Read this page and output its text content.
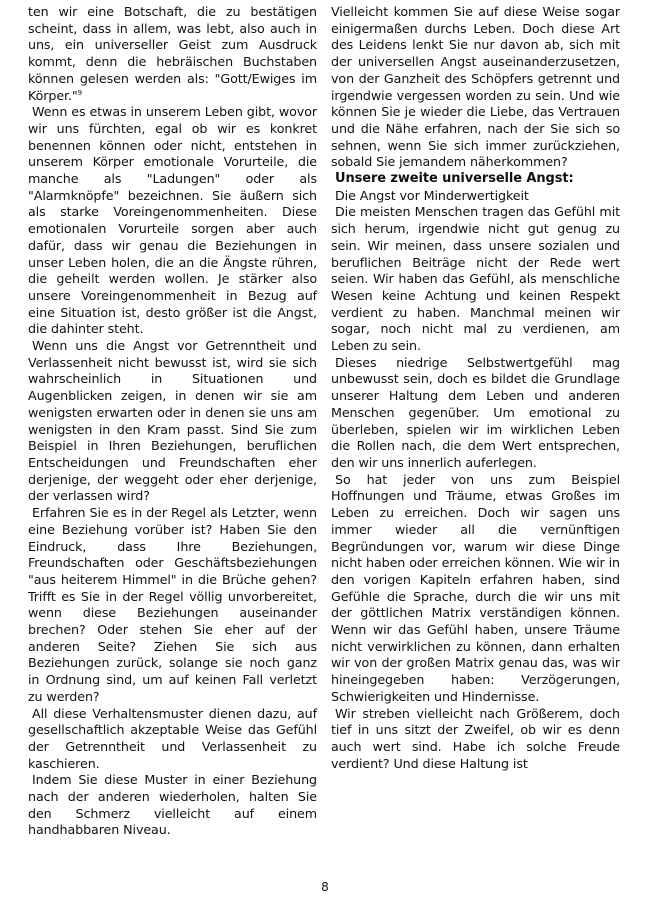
ten wir eine Botschaft, die zu bestätigen scheint, dass in allem, was lebt, also auch in uns, ein universeller Geist zum Ausdruck kommt, denn die hebräischen Buchstaben können gelesen werden als: "Gott/Ewiges im Körper."$^9$

Wenn es etwas in unserem Leben gibt, wovor wir uns fürchten, egal ob wir es konkret benennen können oder nicht, entstehen in unserem Körper emotionale Vorurteile, die manche als "Ladungen" oder als "Alarmknöpfe" bezeichnen. Sie äußern sich als starke Voreingenommenheiten. Diese emotionalen Vorurteile sorgen aber auch dafür, dass wir genau die Beziehungen in unser Leben holen, die an die Ängste rühren, die geheilt werden wollen. Je stärker also unsere Voreingenommenheit in Bezug auf eine Situation ist, desto größer ist die Angst, die dahinter steht.

Wenn uns die Angst vor Getrenntheit und Verlassenheit nicht bewusst ist, wird sie sich wahrscheinlich in Situationen und Augenblicken zeigen, in denen wir sie am wenigsten erwarten oder in denen sie uns am wenigsten in den Kram passt. Sind Sie zum Beispiel in Ihren Beziehungen, beruflichen Entscheidungen und Freundschaften eher derjenige, der weggeht oder eher derjenige, der verlassen wird?

Erfahren Sie es in der Regel als Letzter, wenn eine Beziehung vorüber ist? Haben Sie den Eindruck, dass Ihre Beziehungen, Freundschaften oder Geschäftsbeziehungen "aus heiterem Himmel" in die Brüche gehen? Trifft es Sie in der Regel völlig unvorbereitet, wenn diese Beziehungen auseinander brechen? Oder stehen Sie eher auf der anderen Seite? Ziehen Sie sich aus Beziehungen zurück, solange sie noch ganz in Ordnung sind, um auf keinen Fall verletzt zu werden?

All diese Verhaltensmuster dienen dazu, auf gesellschaftlich akzeptable Weise das Gefühl der Getrenntheit und Verlassenheit zu kaschieren.

Indem Sie diese Muster in einer Beziehung nach der anderen wiederholen, halten Sie den Schmerz vielleicht auf einem handhabbaren Niveau.

Vielleicht kommen Sie auf diese Weise sogar einigermaßen durchs Leben. Doch diese Art des Leidens lenkt Sie nur davon ab, sich mit der universellen Angst auseinanderzusetzen, von der Ganzheit des Schöpfers getrennt und irgendwie vergessen worden zu sein. Und wie können Sie je wieder die Liebe, das Vertrauen und die Nähe erfahren, nach der Sie sich so sehnen, wenn Sie sich immer zurückziehen, sobald Sie jemandem näherkommen?

Unsere zweite universelle Angst:

Die Angst vor Minderwertigkeit

Die meisten Menschen tragen das Gefühl mit sich herum, irgendwie nicht gut genug zu sein. Wir meinen, dass unsere sozialen und beruflichen Beiträge nicht der Rede wert seien. Wir haben das Gefühl, als menschliche Wesen keine Achtung und keinen Respekt verdient zu haben. Manchmal meinen wir sogar, noch nicht mal zu verdienen, am Leben zu sein.

Dieses niedrige Selbstwertgefühl mag unbewusst sein, doch es bildet die Grundlage unserer Haltung dem Leben und anderen Menschen gegenüber. Um emotional zu überleben, spielen wir im wirklichen Leben die Rollen nach, die dem Wert entsprechen, den wir uns innerlich auferlegen.

So hat jeder von uns zum Beispiel Hoffnungen und Träume, etwas Großes im Leben zu erreichen. Doch wir sagen uns immer wieder all die vernünftigen Begründungen vor, warum wir diese Dinge nicht haben oder erreichen können. Wie wir in den vorigen Kapiteln erfahren haben, sind Gefühle die Sprache, durch die wir uns mit der göttlichen Matrix verständigen können. Wenn wir das Gefühl haben, unsere Träume nicht verwirklichen zu können, dann erhalten wir von der großen Matrix genau das, was wir hineingegeben haben: Verzögerungen, Schwierigkeiten und Hindernisse.

Wir streben vielleicht nach Größerem, doch tief in uns sitzt der Zweifel, ob wir es denn auch wert sind. Habe ich solche Freude verdient? Und diese Haltung ist

8
